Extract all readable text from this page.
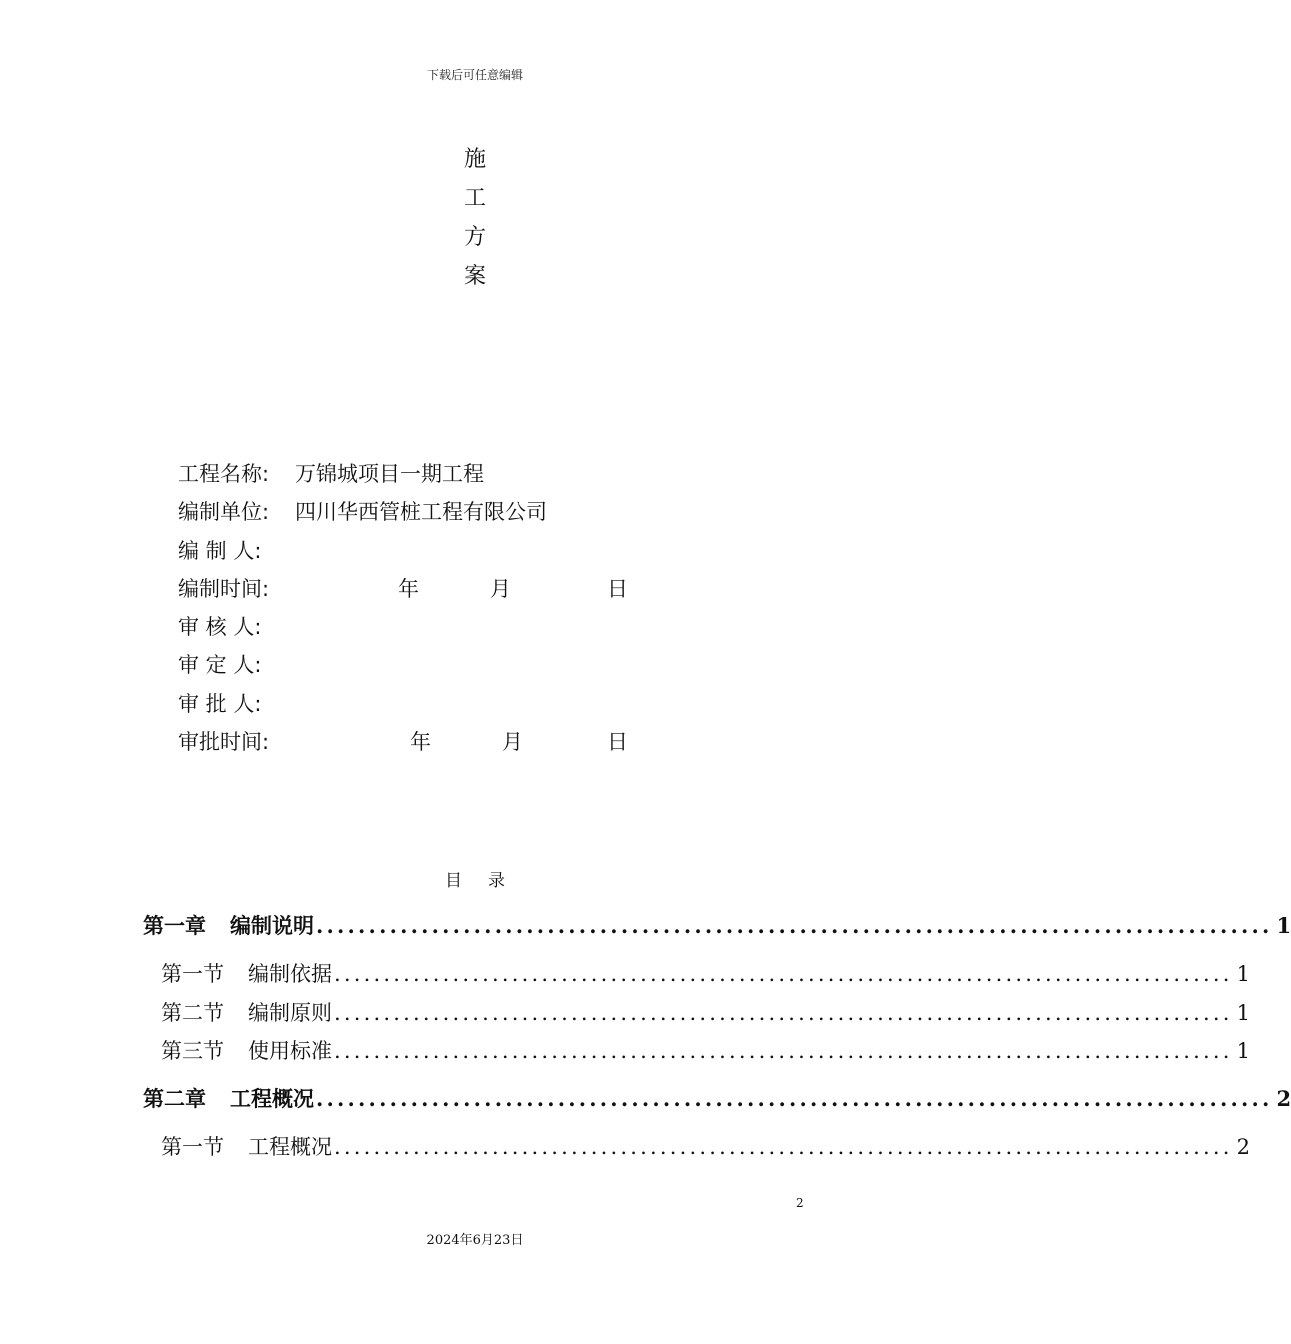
下载后可任意编辑
施
工
方
案
工程名称: 万锦城项目一期工程
编制单位: 四川华西管桩工程有限公司
编 制 人:
编制时间:	年	月	日
审 核 人:
审 定 人:
审 批 人:
审批时间:	年	月	日
目 录
第一章 编制说明 ........................................................................................... 1
第一节 编制依据 ........................................................................................... 1
第二节 编制原则 ........................................................................................... 1
第三节 使用标准 ........................................................................................... 1
第二章 工程概况 ........................................................................................... 2
第一节 工程概况 ........................................................................................... 2
2
2024年6月23日
